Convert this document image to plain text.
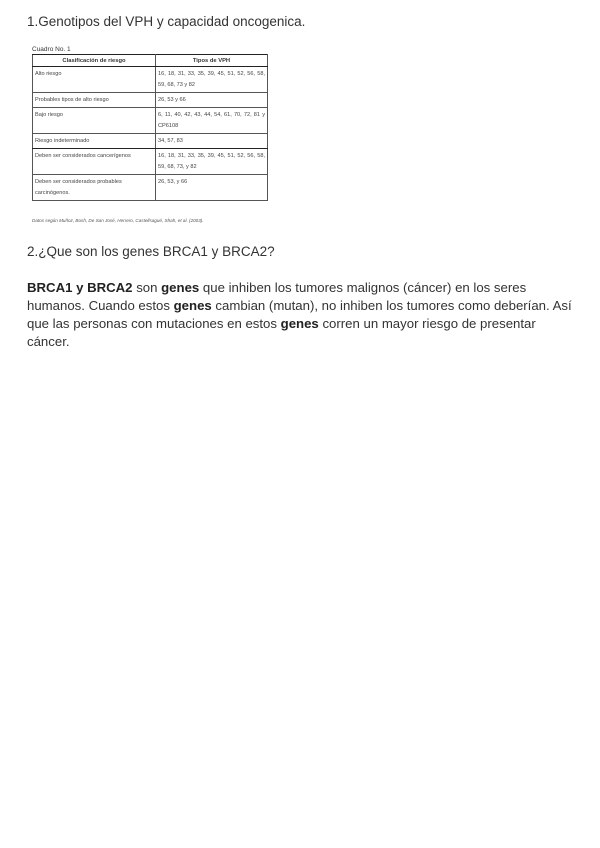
1.Genotipos del VPH y capacidad oncogenica.
Cuadro No. 1
Clasificación de riesgo	Tipos de VPH
Alto riesgo	16, 18, 31, 33, 35, 39, 45, 51, 52, 56, 58, 59, 68, 73 y 82
Probables tipos de alto riesgo	26, 53 y 66
Bajo riesgo	6, 11, 40, 42, 43, 44, 54, 61, 70, 72, 81 y CP6108
Riesgo indeterminado	34, 57, 83
Deben ser considerados cancerígenos	16, 18, 31, 33, 35, 39, 45, 51, 52, 56, 58, 59, 68, 73, y 82
Deben ser considerados probables carcinógenos.	26, 53, y 66
Datos según Muñoz, Bosh, De San José, Herrero, Castellsagué, Shah, et al. (2003).
2.¿Que son los genes BRCA1 y BRCA2?
BRCA1 y BRCA2 son genes que inhiben los tumores malignos (cáncer) en los seres humanos. Cuando estos genes cambian (mutan), no inhiben los tumores como deberían. Así que las personas con mutaciones en estos genes corren un mayor riesgo de presentar cáncer.
